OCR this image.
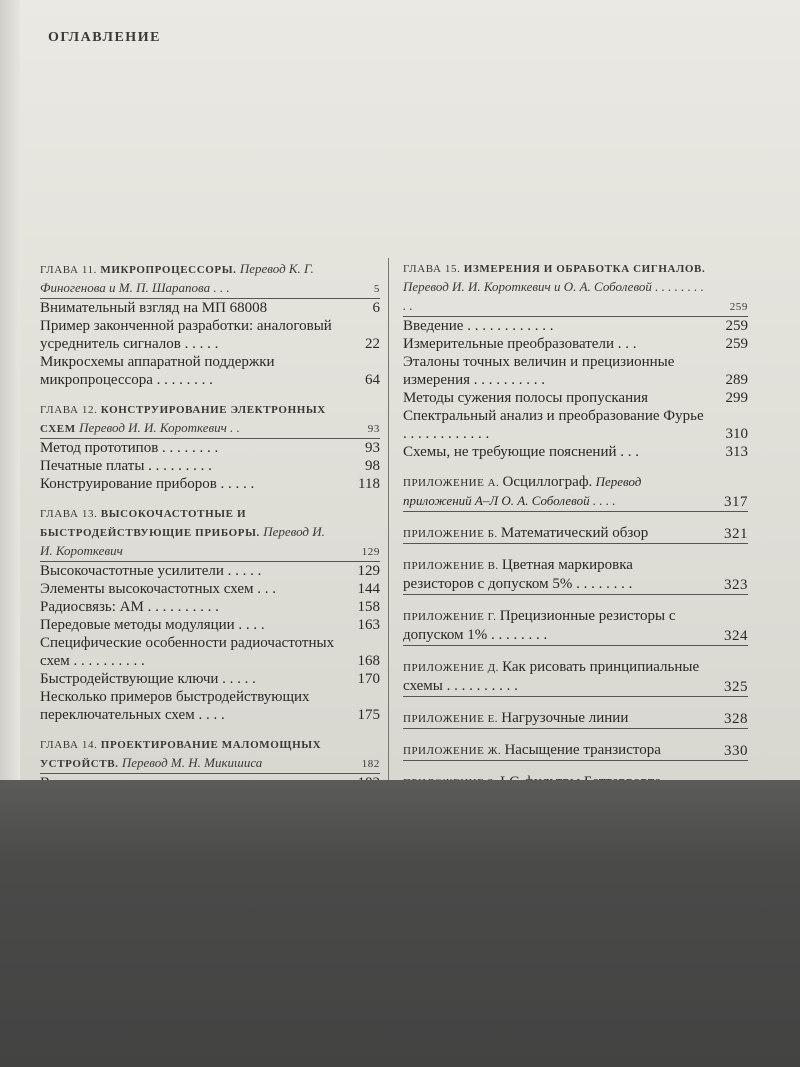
ОГЛАВЛЕНИЕ
ГЛАВА 11. МИКРОПРОЦЕССОРЫ. Перевод К. Г. Финогенова и М. П. Шарапова . . .	5
Внимательный взгляд на МП 68008	6
Пример законченной разработки: аналоговый усреднитель сигналов . . . . .	22
Микросхемы аппаратной поддержки микропроцессора . . . . . . . .	64
ГЛАВА 12. КОНСТРУИРОВАНИЕ ЭЛЕКТРОННЫХ СХЕМ Перевод И. И. Короткевич . .	93
Метод прототипов . . . . . . . .	93
Печатные платы . . . . . . . . .	98
Конструирование приборов . . . . .	118
ГЛАВА 13. ВЫСОКОЧАСТОТНЫЕ И БЫСТРОДЕЙСТВУЮЩИЕ ПРИБОРЫ. Перевод И. И. Короткевич	129
Высокочастотные усилители . . . . .	129
Элементы высокочастотных схем . . .	144
Радиосвязь: АМ . . . . . . . . . .	158
Передовые методы модуляции . . . .	163
Специфические особенности радиочастотных схем . . . . . . . . . .	168
Быстродействующие ключи . . . . .	170
Несколько примеров быстродействующих переключательных схем . . . .	175
ГЛАВА 14. ПРОЕКТИРОВАНИЕ МАЛОМОЩНЫХ УСТРОЙСТВ. Перевод М. Н. Микишиса	182
ГЛАВА 15. ИЗМЕРЕНИЯ И ОБРАБОТКА СИГНАЛОВ. Перевод И. И. Короткевич и О. А. Соболевой . . . . . . . . . .	259
Введение . . . . . . . . . . . .	259
Измерительные преобразователи . . .	259
Эталоны точных величин и прецизионные измерения . . . . . . . . . .	289
Методы сужения полосы пропускания	299
Спектральный анализ и преобразование Фурье . . . . . . . . . . . .	310
Схемы, не требующие пояснений . . .	313
ПРИЛОЖЕНИЕ А. Осциллограф. Перевод приложений А–Л О. А. Соболевой . . . .	317
ПРИЛОЖЕНИЕ Б. Математический обзор	321
ПРИЛОЖЕНИЕ В. Цветная маркировка резисторов с допуском 5% . . . . . . . .	323
ПРИЛОЖЕНИЕ Г. Прецизионные резисторы с допуском 1% . . . . . . . .	324
ПРИЛОЖЕНИЕ Д. Как рисовать принципиальные схемы . . . . . . . . . .	325
ПРИЛОЖЕНИЕ Е. Нагрузочные линии	328
ПРИЛОЖЕНИЕ Ж. Насыщение транзистора	330
